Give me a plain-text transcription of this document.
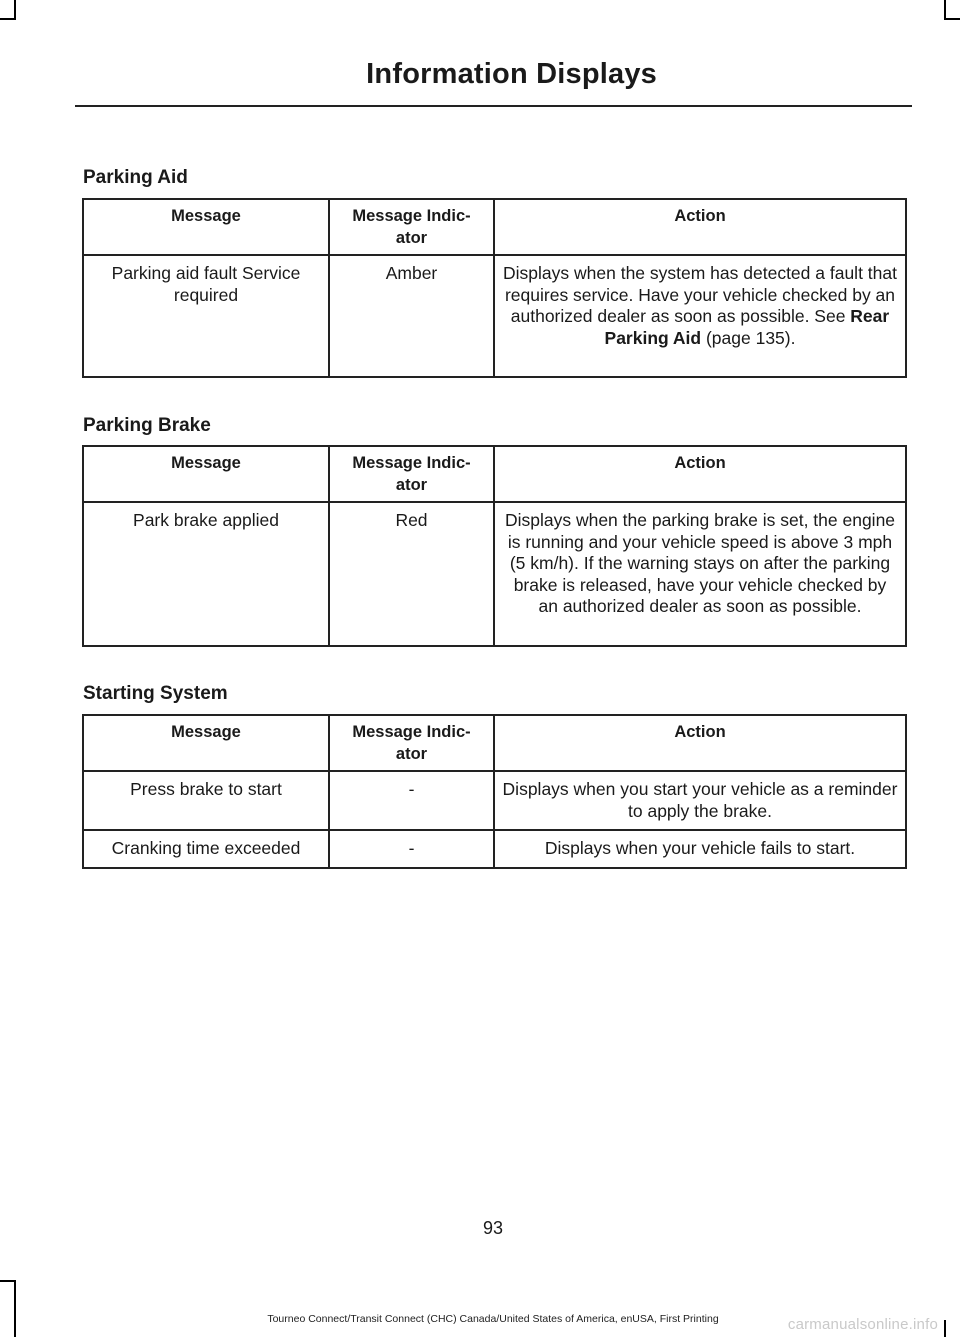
Information Displays
Parking Aid
Message	Message Indic-ator	Action
Parking aid fault Service required	Amber	Displays when the system has detected a fault that requires service. Have your vehicle checked by an authorized dealer as soon as possible. See Rear Parking Aid (page 135).
Parking Brake
Message	Message Indic-ator	Action
Park brake applied	Red	Displays when the parking brake is set, the engine is running and your vehicle speed is above 3 mph (5 km/h). If the warning stays on after the parking brake is released, have your vehicle checked by an authorized dealer as soon as possible.
Starting System
Message	Message Indic-ator	Action
Press brake to start	-	Displays when you start your vehicle as a reminder to apply the brake.
Cranking time exceeded	-	Displays when your vehicle fails to start.
93
Tourneo Connect/Transit Connect (CHC) Canada/United States of America, enUSA, First Printing	carmanualsonline.info
